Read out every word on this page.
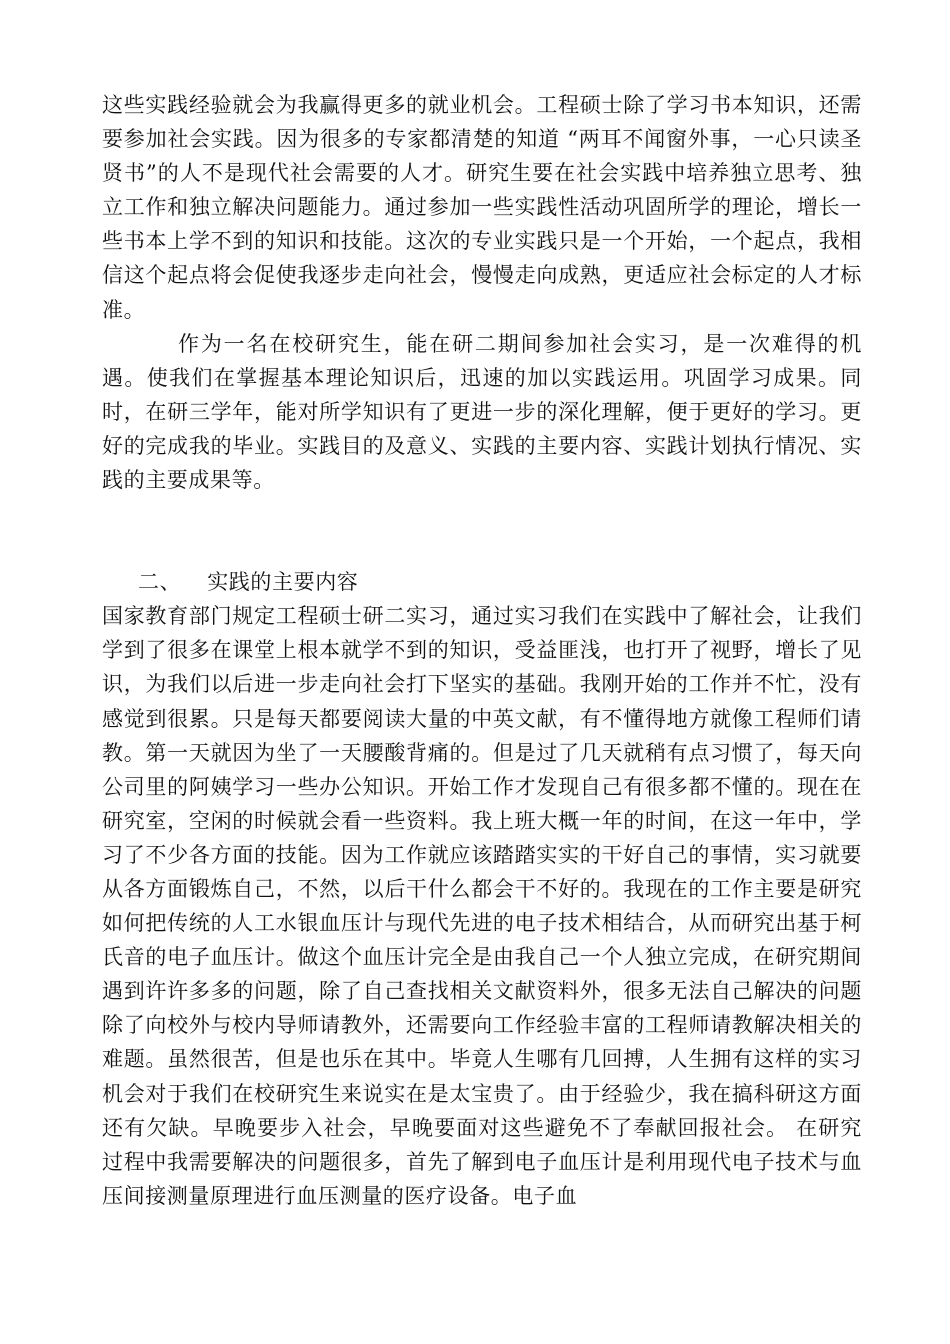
这些实践经验就会为我赢得更多的就业机会。工程硕士除了学习书本知识，还需要参加社会实践。因为很多的专家都清楚的知道 “两耳不闻窗外事，一心只读圣贤书”的人不是现代社会需要的人才。研究生要在社会实践中培养独立思考、独立工作和独立解决问题能力。通过参加一些实践性活动巩固所学的理论，增长一些书本上学不到的知识和技能。这次的专业实践只是一个开始，一个起点，我相信这个起点将会促使我逐步走向社会，慢慢走向成熟，更适应社会标定的人才标准。

作为一名在校研究生，能在研二期间参加社会实习，是一次难得的机遇。使我们在掌握基本理论知识后，迅速的加以实践运用。巩固学习成果。同时，在研三学年，能对所学知识有了更进一步的深化理解，便于更好的学习。更好的完成我的毕业。实践目的及意义、实践的主要内容、实践计划执行情况、实践的主要成果等。

二、 实践的主要内容

国家教育部门规定工程硕士研二实习，通过实习我们在实践中了解社会，让我们学到了很多在课堂上根本就学不到的知识，受益匪浅，也打开了视野，增长了见识，为我们以后进一步走向社会打下坚实的基础。我刚开始的工作并不忙，没有感觉到很累。只是每天都要阅读大量的中英文献，有不懂得地方就像工程师们请教。第一天就因为坐了一天腰酸背痛的。但是过了几天就稍有点习惯了，每天向公司里的阿姨学习一些办公知识。开始工作才发现自己有很多都不懂的。现在在研究室，空闲的时候就会看一些资料。我上班大概一年的时间，在这一年中，学习了不少各方面的技能。因为工作就应该踏踏实实的干好自己的事情，实习就要从各方面锻炼自己，不然，以后干什么都会干不好的。我现在的工作主要是研究如何把传统的人工水银血压计与现代先进的电子技术相结合，从而研究出基于柯氏音的电子血压计。做这个血压计完全是由我自己一个人独立完成，在研究期间遇到许许多多的问题，除了自己查找相关文献资料外，很多无法自己解决的问题除了向校外与校内导师请教外，还需要向工作经验丰富的工程师请教解决相关的难题。虽然很苦，但是也乐在其中。毕竟人生哪有几回搏，人生拥有这样的实习机会对于我们在校研究生来说实在是太宝贵了。由于经验少，我在搞科研这方面还有欠缺。早晚要步入社会，早晚要面对这些避免不了奉献回报社会。 在研究过程中我需要解决的问题很多，首先了解到电子血压计是利用现代电子技术与血压间接测量原理进行血压测量的医疗设备。电子血
